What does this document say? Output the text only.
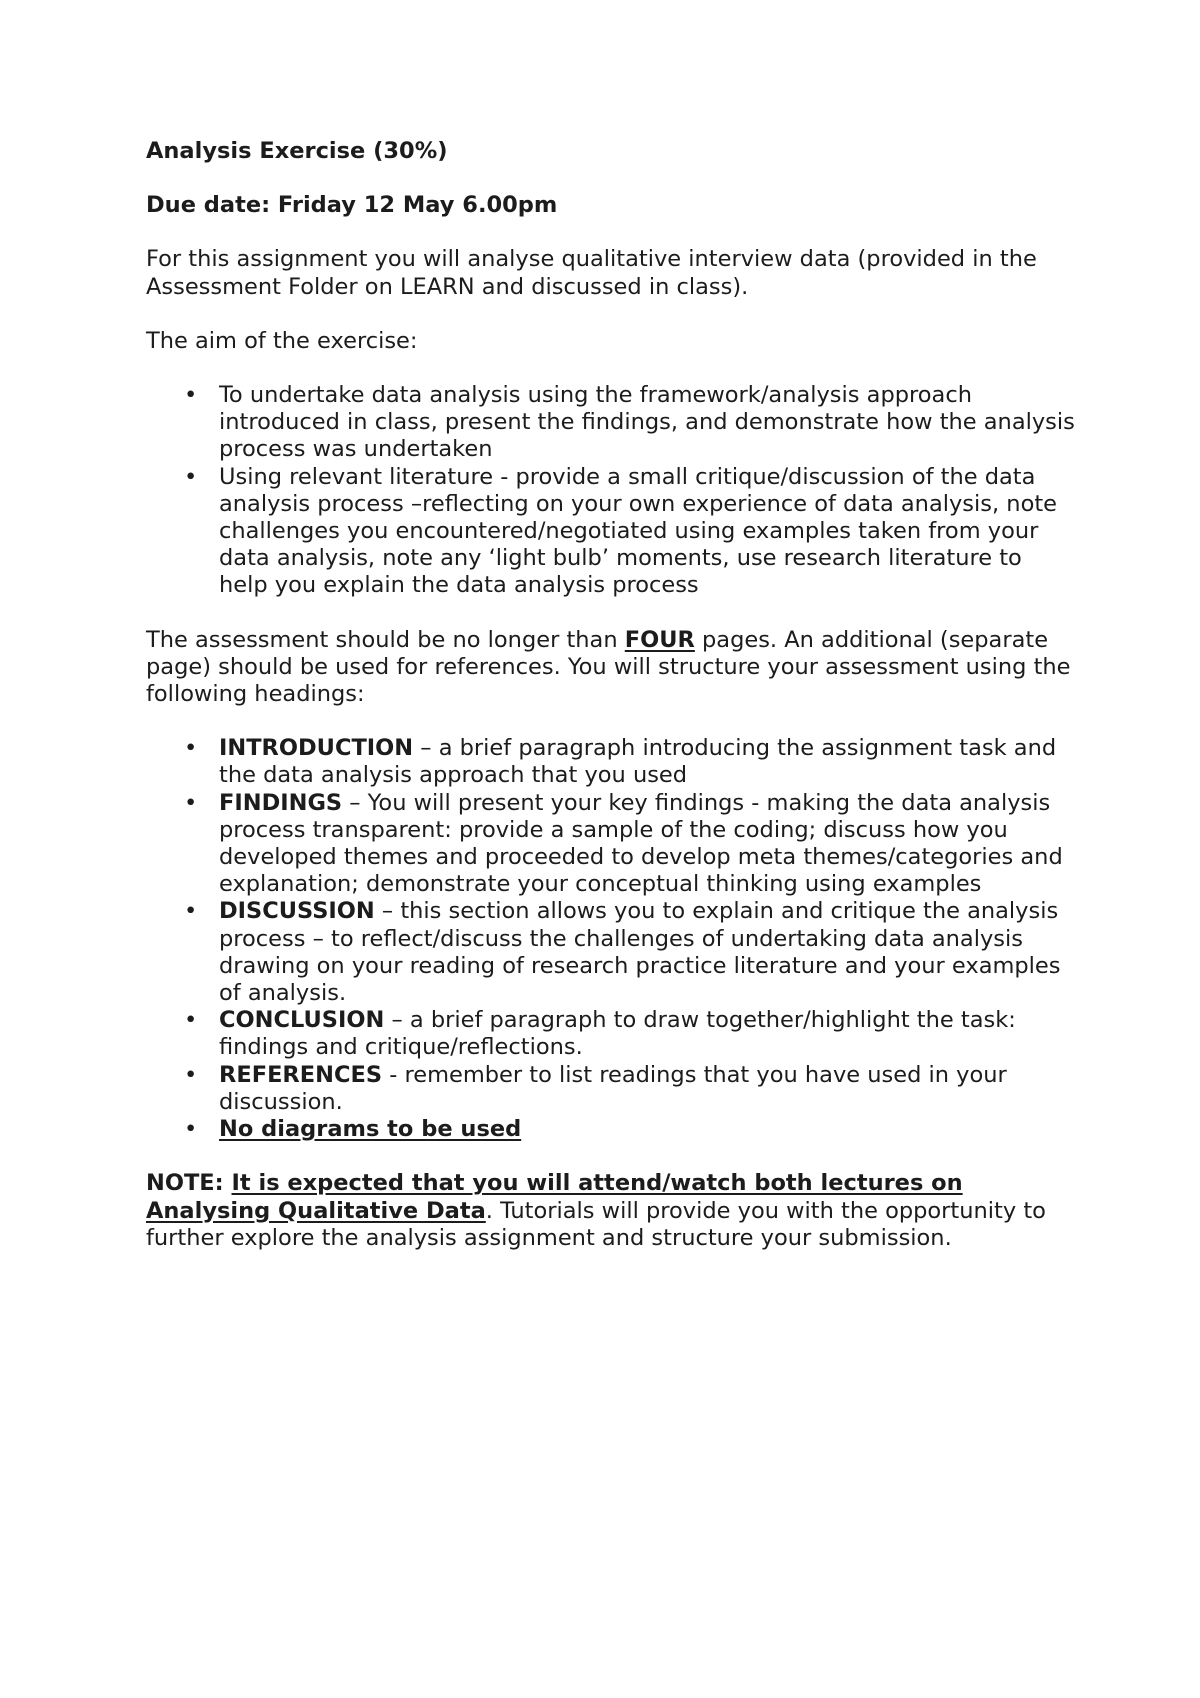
Analysis Exercise (30%)

Due date: Friday 12 May 6.00pm

For this assignment you will analyse qualitative interview data (provided in the Assessment Folder on LEARN and discussed in class).

The aim of the exercise:

• To undertake data analysis using the framework/analysis approach introduced in class, present the findings, and demonstrate how the analysis process was undertaken
• Using relevant literature - provide a small critique/discussion of the data analysis process –reflecting on your own experience of data analysis, note challenges you encountered/negotiated using examples taken from your data analysis, note any ‘light bulb’ moments, use research literature to help you explain the data analysis process

The assessment should be no longer than FOUR pages. An additional (separate page) should be used for references. You will structure your assessment using the following headings:

• INTRODUCTION – a brief paragraph introducing the assignment task and the data analysis approach that you used
• FINDINGS – You will present your key findings - making the data analysis process transparent: provide a sample of the coding; discuss how you developed themes and proceeded to develop meta themes/categories and explanation; demonstrate your conceptual thinking using examples
• DISCUSSION – this section allows you to explain and critique the analysis process – to reflect/discuss the challenges of undertaking data analysis drawing on your reading of research practice literature and your examples of analysis.
• CONCLUSION – a brief paragraph to draw together/highlight the task: findings and critique/reflections.
• REFERENCES - remember to list readings that you have used in your discussion.
• No diagrams to be used

NOTE: It is expected that you will attend/watch both lectures on Analysing Qualitative Data. Tutorials will provide you with the opportunity to further explore the analysis assignment and structure your submission.
